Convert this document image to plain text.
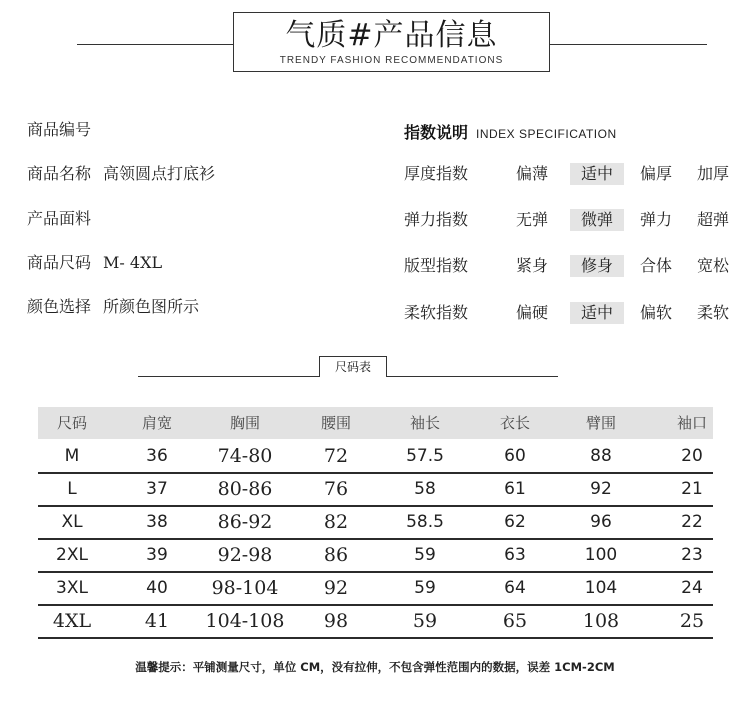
气质#产品信息
TRENDY FASHION RECOMMENDATIONS
商品编号
商品名称 高领圆点打底衫
产品面料
商品尺码 M- 4XL
颜色选择 所颜色图所示
指数说明 INDEX SPECIFICATION
厚度指数	偏薄	适中	偏厚	加厚
弹力指数	无弹	微弹	弹力	超弹
版型指数	紧身	修身	合体	宽松
柔软指数	偏硬	适中	偏软	柔软
尺码表
尺码	肩宽	胸围	腰围	袖长	衣长	臂围	袖口
M	36	74-80	72	57.5	60	88	20
L	37	80-86	76	58	61	92	21
XL	38	86-92	82	58.5	62	96	22
2XL	39	92-98	86	59	63	100	23
3XL	40	98-104	92	59	64	104	24
4XL	41	104-108	98	59	65	108	25
温馨提示：平铺测量尺寸，单位 CM，没有拉伸，不包含弹性范围内的数据，误差 1CM-2CM
